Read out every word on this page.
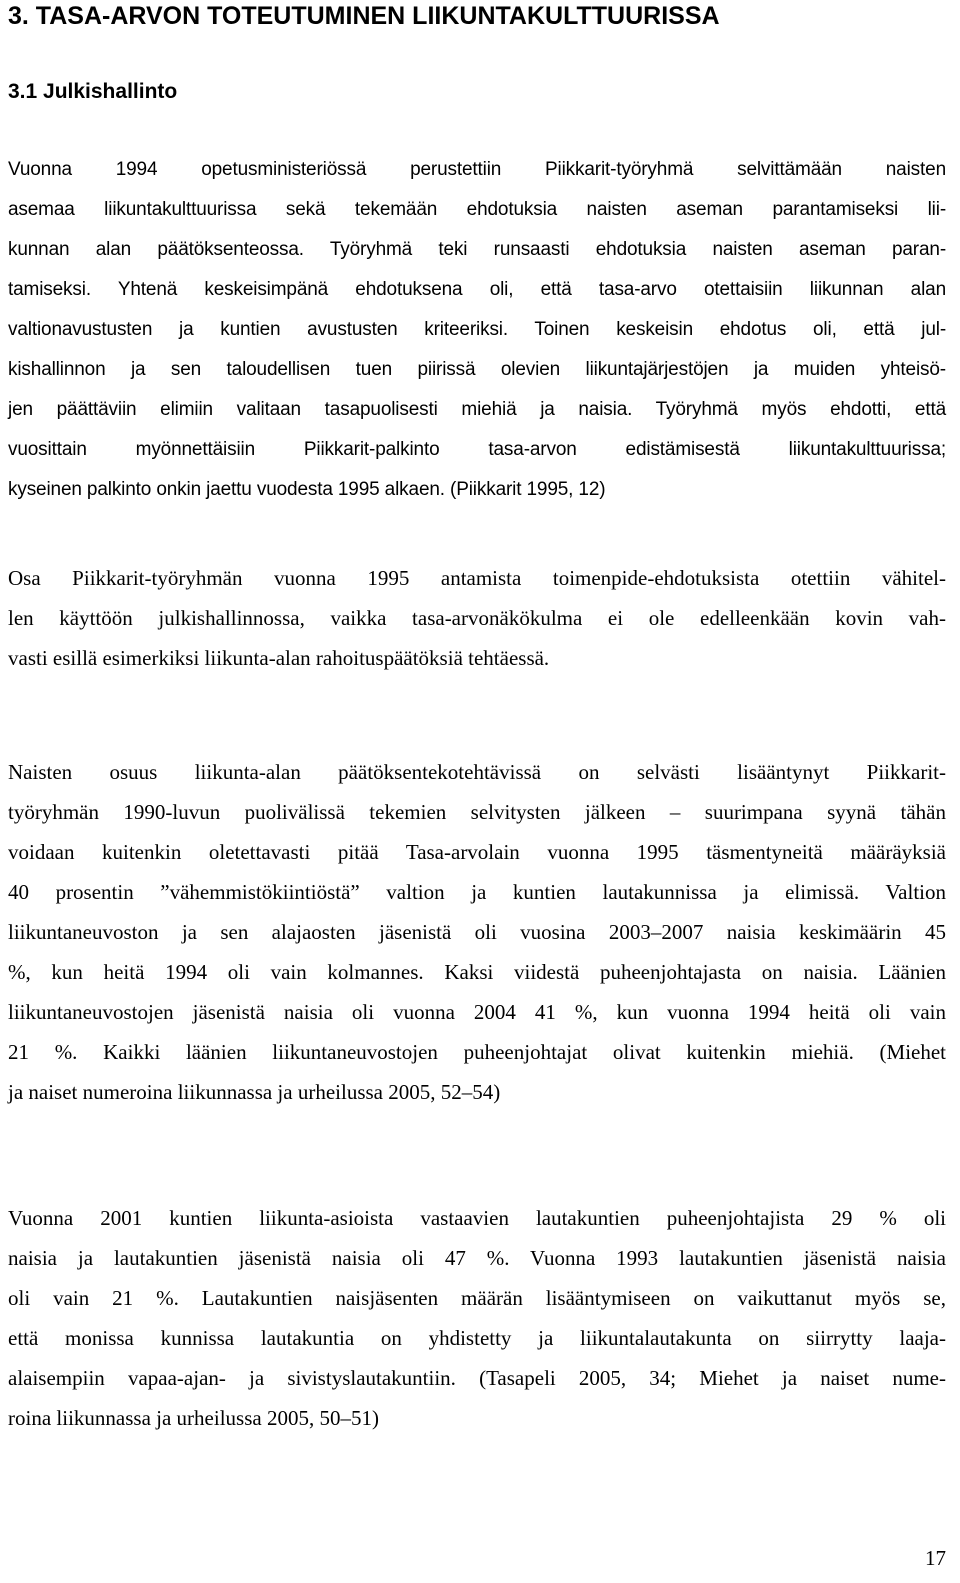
3. TASA-ARVON TOTEUTUMINEN LIIKUNTAKULTTUURISSA
3.1 Julkishallinto
Vuonna 1994 opetusministeriössä perustettiin Piikkarit-työryhmä selvittämään naisten
asemaa liikuntakulttuurissa sekä tekemään ehdotuksia naisten aseman parantamiseksi lii-
kunnan alan päätöksenteossa. Työryhmä teki runsaasti ehdotuksia naisten aseman paran-
tamiseksi. Yhtenä keskeisimpänä ehdotuksena oli, että tasa-arvo otettaisiin liikunnan alan
valtionavustusten ja kuntien avustusten kriteeriksi. Toinen keskeisin ehdotus oli, että jul-
kishallinnon ja sen taloudellisen tuen piirissä olevien liikuntajärjestöjen ja muiden yhteisö-
jen päättäviin elimiin valitaan tasapuolisesti miehiä ja naisia. Työryhmä myös ehdotti, että
vuosittain myönnettäisiin Piikkarit-palkinto tasa-arvon edistämisestä liikuntakulttuurissa;
kyseinen palkinto onkin jaettu vuodesta 1995 alkaen. (Piikkarit 1995, 12)
Osa Piikkarit-työryhmän vuonna 1995 antamista toimenpide-ehdotuksista otettiin vähitel-
len käyttöön julkishallinnossa, vaikka tasa-arvonäkökulma ei ole edelleenkään kovin vah-
vasti esillä esimerkiksi liikunta-alan rahoituspäätöksiä tehtäessä.
Naisten osuus liikunta-alan päätöksentekotehtävissä on selvästi lisääntynyt Piikkarit-
työryhmän 1990-luvun puolivälissä tekemien selvitysten jälkeen – suurimpana syynä tähän
voidaan kuitenkin oletettavasti pitää Tasa-arvolain vuonna 1995 täsmentyneitä määräyksiä
40 prosentin ”vähemmistökiintiöstä” valtion ja kuntien lautakunnissa ja elimissä. Valtion
liikuntaneuvoston ja sen alajaosten jäsenistä oli vuosina 2003–2007 naisia keskimäärin 45
%, kun heitä 1994 oli vain kolmannes. Kaksi viidestä puheenjohtajasta on naisia. Läänien
liikuntaneuvostojen jäsenistä naisia oli vuonna 2004 41 %, kun vuonna 1994 heitä oli vain
21 %. Kaikki läänien liikuntaneuvostojen puheenjohtajat olivat kuitenkin miehiä. (Miehet
ja naiset numeroina liikunnassa ja urheilussa 2005, 52–54)
Vuonna 2001 kuntien liikunta-asioista vastaavien lautakuntien puheenjohtajista 29 % oli
naisia ja lautakuntien jäsenistä naisia oli 47 %. Vuonna 1993 lautakuntien jäsenistä naisia
oli vain 21 %. Lautakuntien naisjäsenten määrän lisääntymiseen on vaikuttanut myös se,
että monissa kunnissa lautakuntia on yhdistetty ja liikuntalautakunta on siirrytty laaja-
alaisempiin vapaa-ajan- ja sivistyslautakuntiin. (Tasapeli 2005, 34; Miehet ja naiset nume-
roina liikunnassa ja urheilussa 2005, 50–51)
17
